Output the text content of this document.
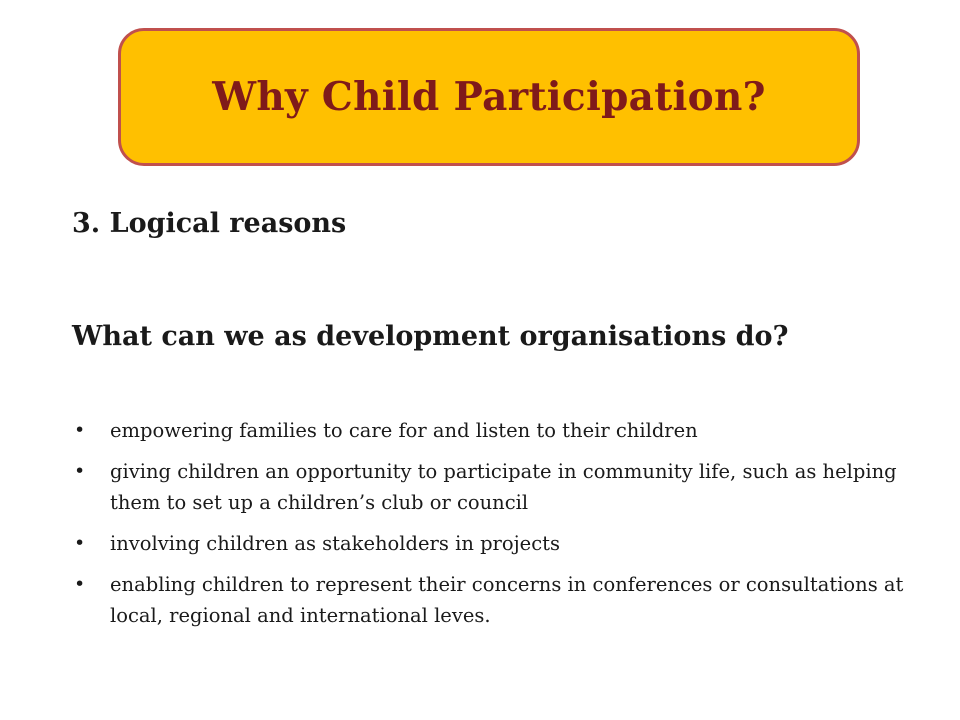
Why Child Participation?
3. Logical reasons
What can we as development organisations do?
•	empowering families to care for and listen to their children
•	giving children an opportunity to participate in community life, such as helping them to set up a children’s club or council
•	involving children as stakeholders in projects
•	enabling children to represent their concerns in conferences or consultations at local, regional and international leves.
